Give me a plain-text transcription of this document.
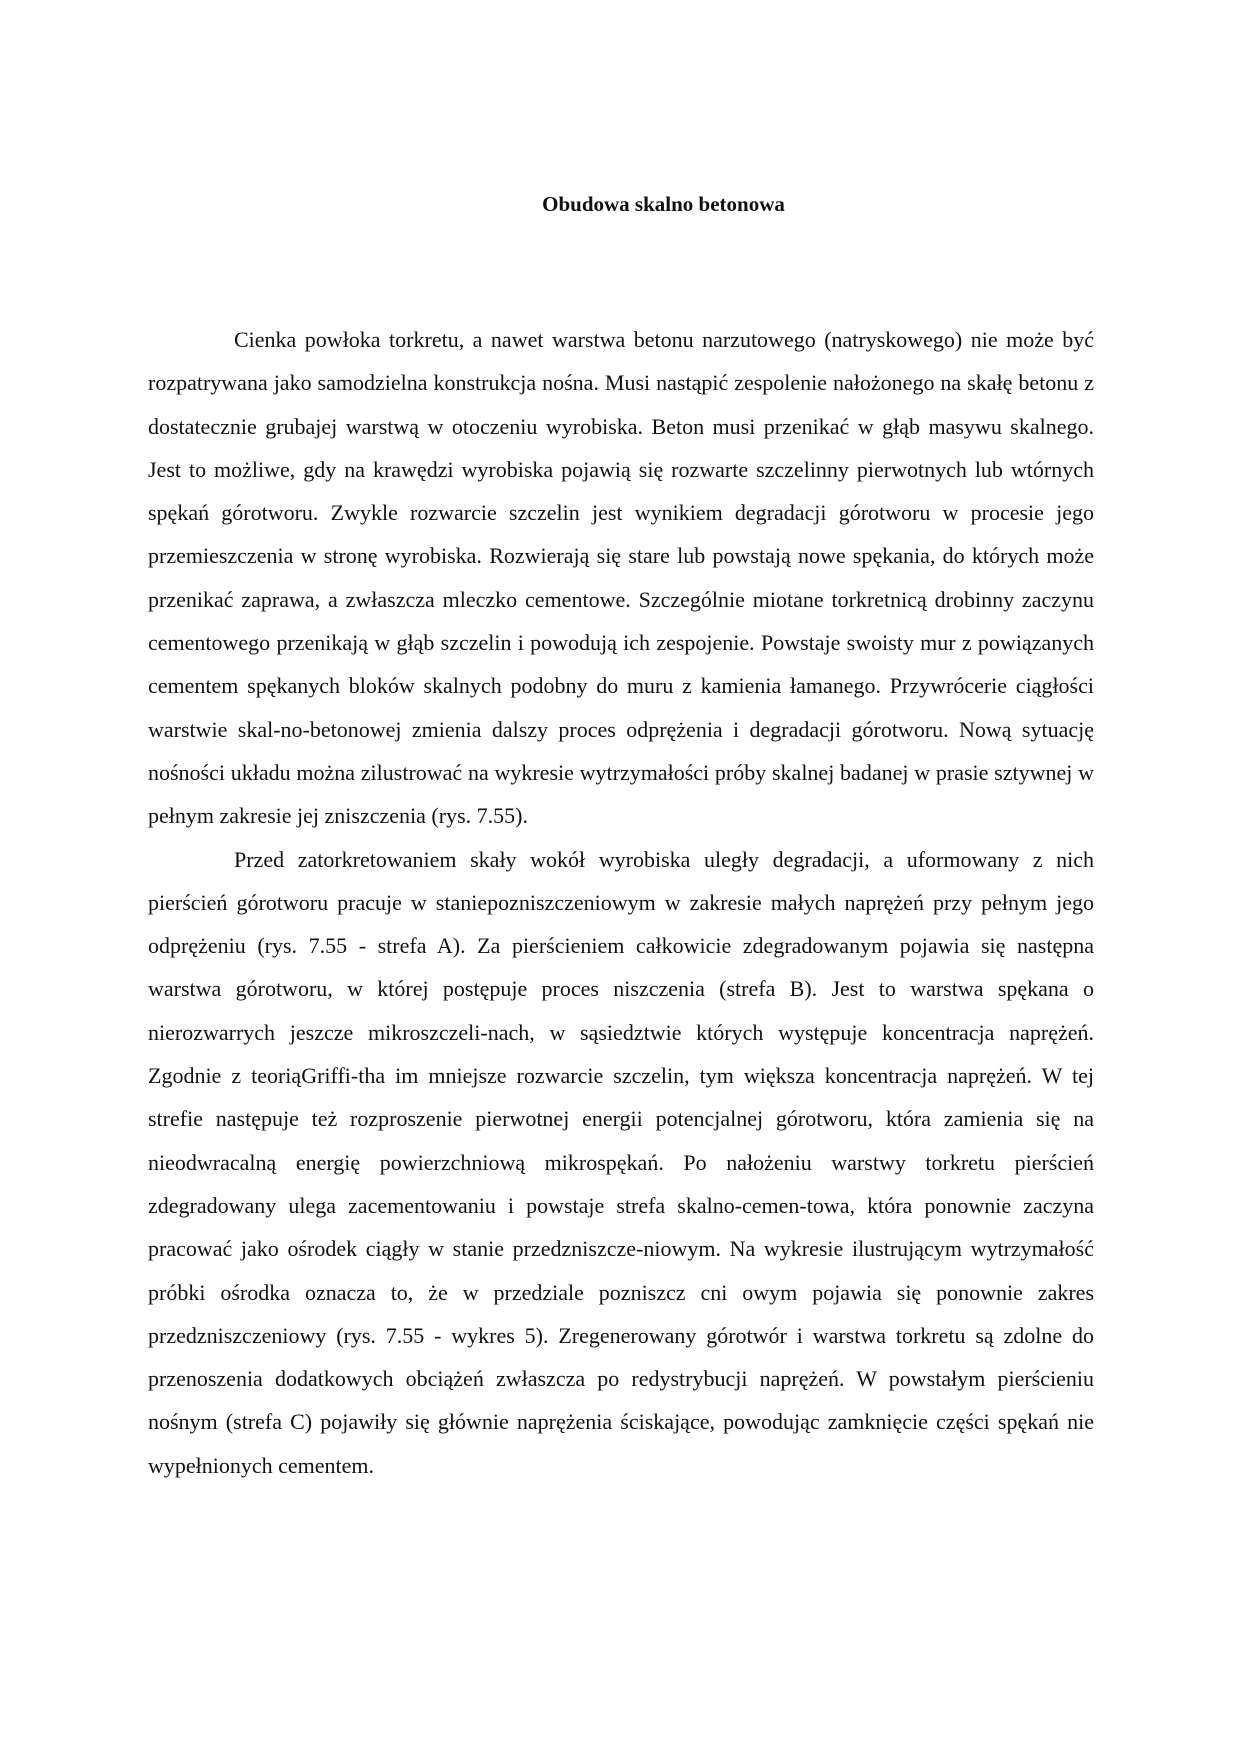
Obudowa skalno betonowa

Cienka powłoka torkretu, a nawet warstwa betonu narzutowego (natryskowego) nie może być rozpatrywana jako samodzielna konstrukcja nośna. Musi nastąpić zespolenie nałożonego na skałę betonu z dostatecznie grubajej warstwą w otoczeniu wyrobiska. Beton musi przenikać w głąb masywu skalnego. Jest to możliwe, gdy na krawędzi wyrobiska pojawią się rozwarte szczelinny pierwotnych lub wtórnych spękań górotworu. Zwykle rozwarcie szczelin jest wynikiem degradacji górotworu w procesie jego przemieszczenia w stronę wyrobiska. Rozwierają się stare lub powstają nowe spękania, do których może przenikać zaprawa, a zwłaszcza mleczko cementowe. Szczególnie miotane torkretnicą drobinny zaczynu cementowego przenikają w głąb szczelin i powodują ich zespojenie. Powstaje swoisty mur z powiązanych cementem spękanych bloków skalnych podobny do muru z kamienia łamanego. Przywrócerie ciągłości warstwie skal-no-betonowej zmienia dalszy proces odprężenia i degradacji górotworu. Nową sytuację nośności układu można zilustrować na wykresie wytrzymałości próby skalnej badanej w prasie sztywnej w pełnym zakresie jej zniszczenia (rys. 7.55).

Przed zatorkretowaniem skały wokół wyrobiska uległy degradacji, a uformowany z nich pierścień górotworu pracuje w staniepozniszczeniowym w zakresie małych naprężeń przy pełnym jego odprężeniu (rys. 7.55 - strefa A). Za pierścieniem całkowicie zdegradowanym pojawia się następna warstwa górotworu, w której postępuje proces niszczenia (strefa B). Jest to warstwa spękana o nierozwarrych jeszcze mikroszczeli-nach, w sąsiedztwie których występuje koncentracja naprężeń. Zgodnie z teoriąGriffi-tha im mniejsze rozwarcie szczelin, tym większa koncentracja naprężeń. W tej strefie następuje też rozproszenie pierwotnej energii potencjalnej górotworu, która zamienia się na nieodwracalną energię powierzchniową mikrospękań. Po nałożeniu warstwy torkretu pierścień zdegradowany ulega zacementowaniu i powstaje strefa skalno-cemen-towa, która ponownie zaczyna pracować jako ośrodek ciągły w stanie przedzniszcze-niowym. Na wykresie ilustrującym wytrzymałość próbki ośrodka oznacza to, że w przedziale pozniszcz cni owym pojawia się ponownie zakres przedzniszczeniowy (rys. 7.55 - wykres 5). Zregenerowany górotwór i warstwa torkretu są zdolne do przenoszenia dodatkowych obciążeń zwłaszcza po redystrybucji naprężeń. W powstałym pierścieniu nośnym (strefa C) pojawiły się głównie naprężenia ściskające, powodując zamknięcie części spękań nie wypełnionych cementem.
